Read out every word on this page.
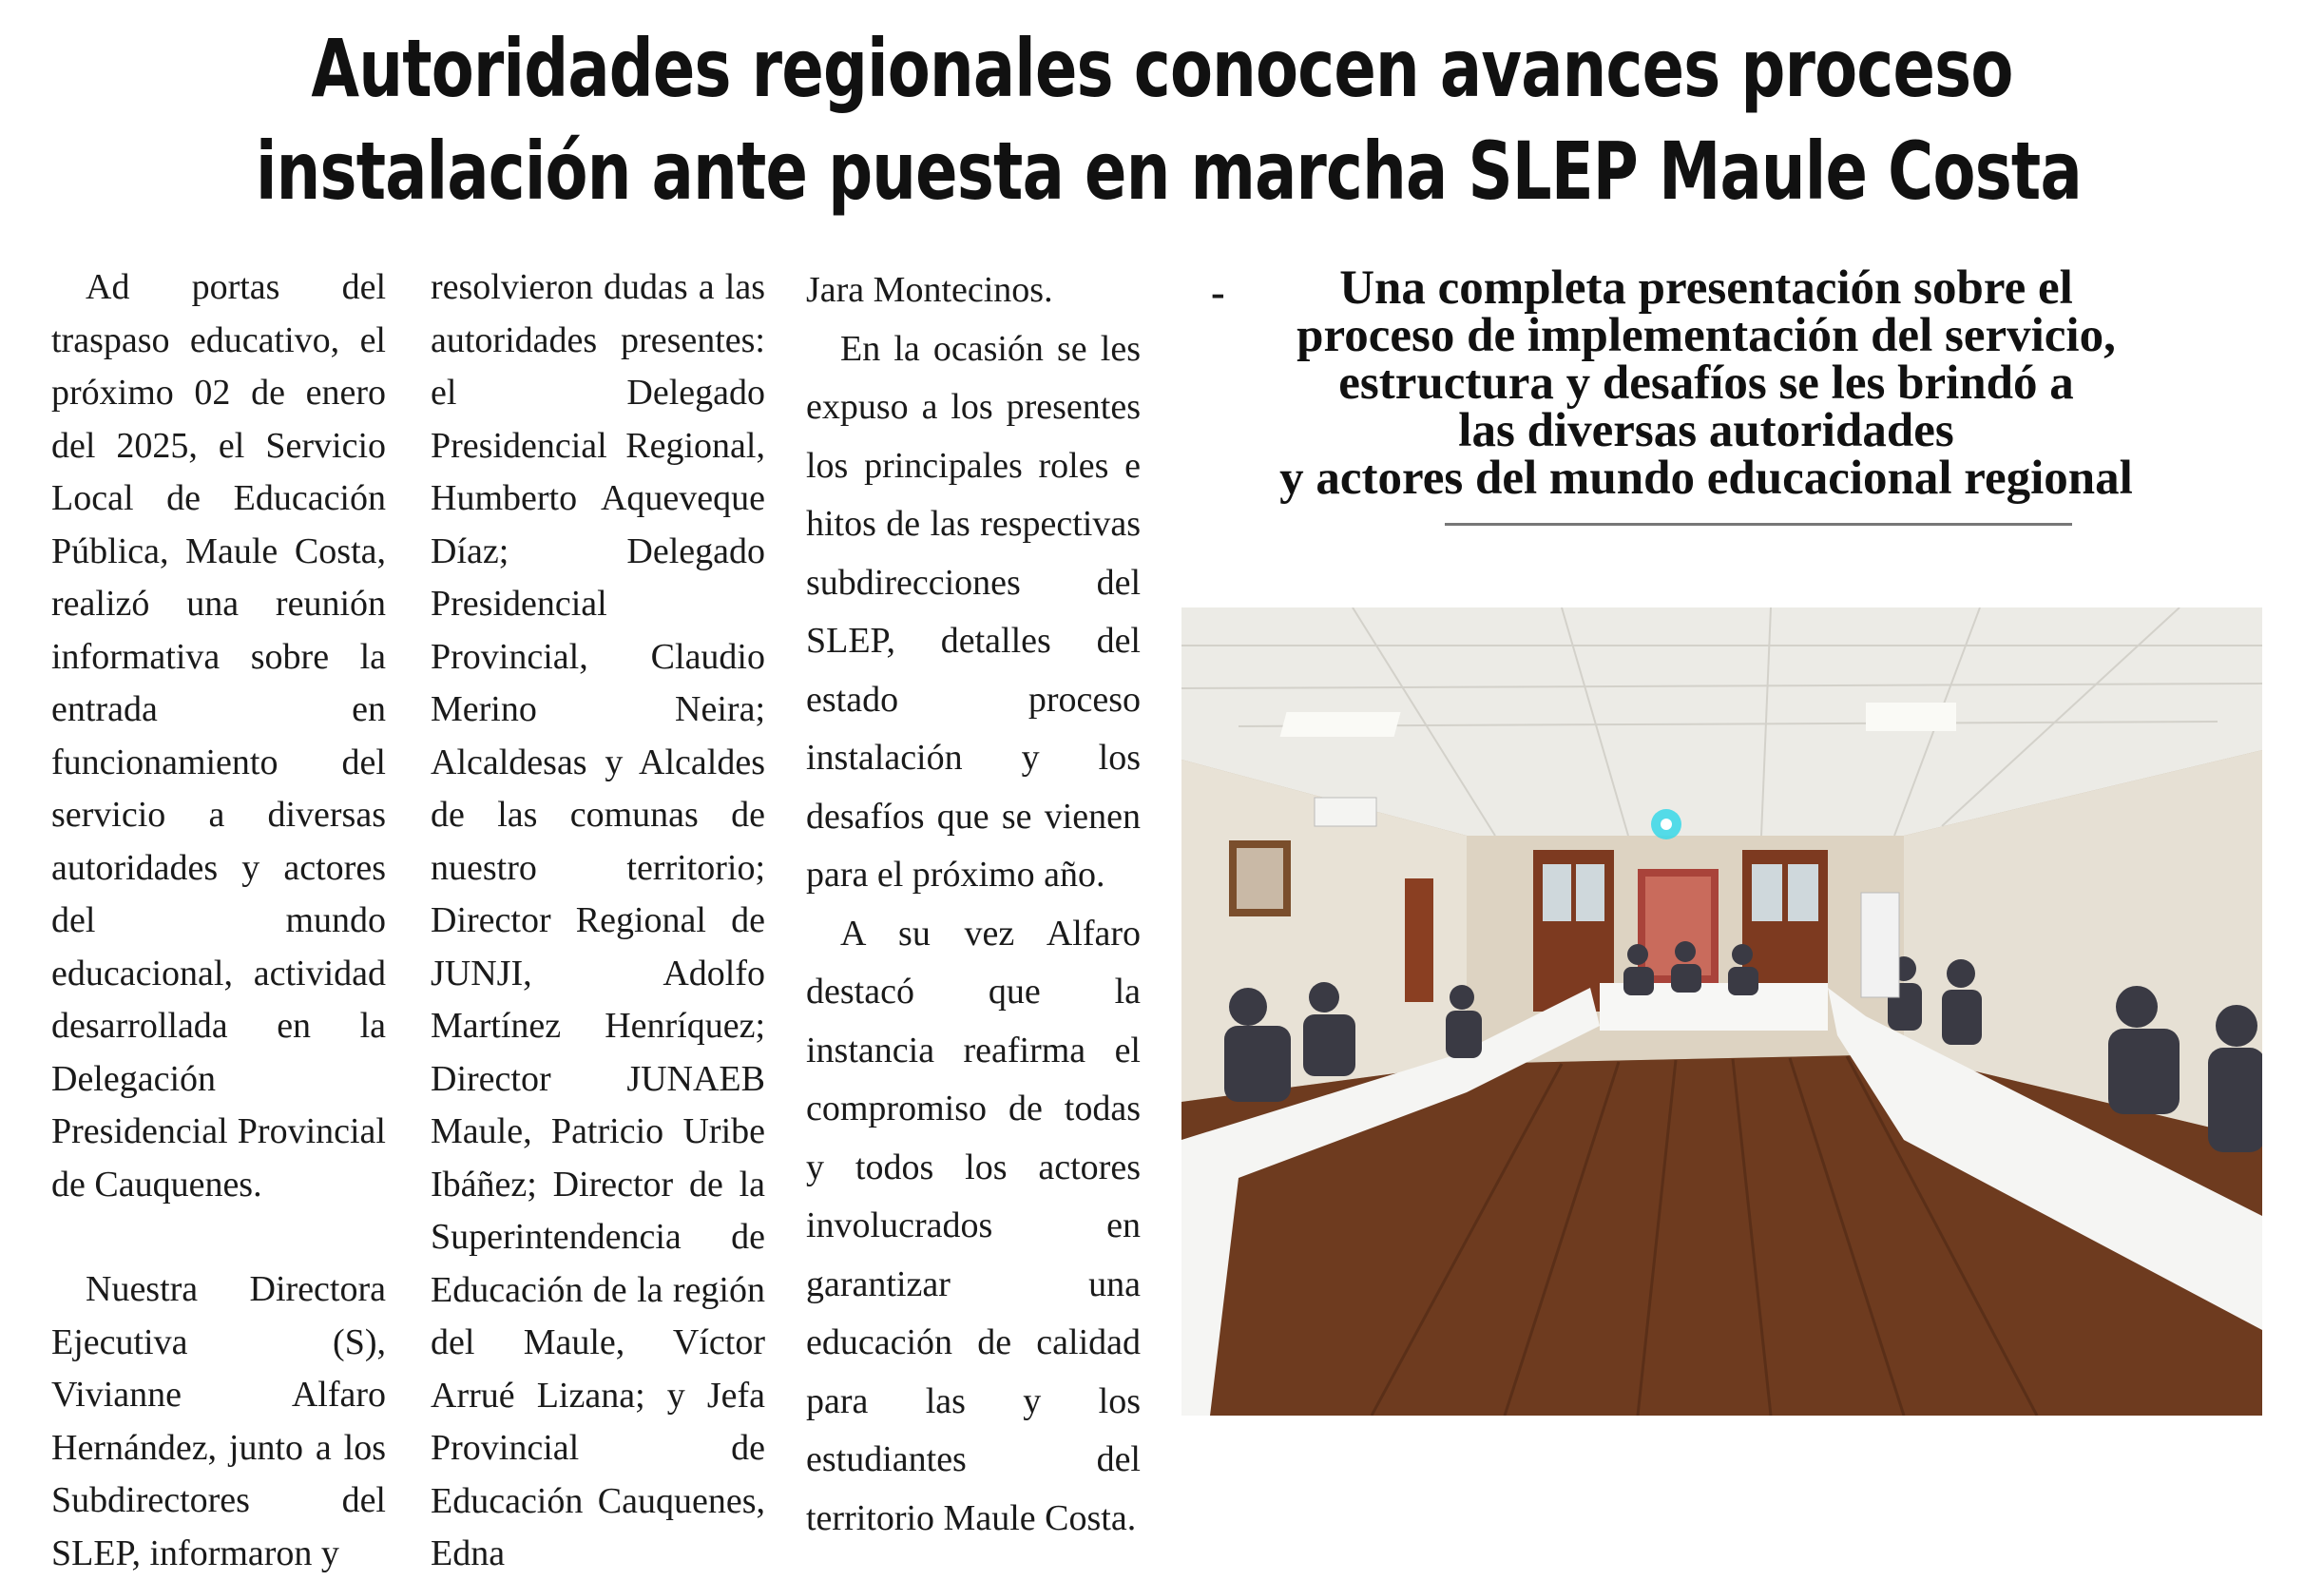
Autoridades regionales conocen avances proceso
instalación ante puesta en marcha SLEP Maule Costa

Ad portas del traspaso educativo, el próximo 02 de enero del 2025, el Servicio Local de Educación Pública, Maule Costa, realizó una reunión informativa sobre la entrada en funcionamiento del servicio a diversas autoridades y actores del mundo educacional, actividad desarrollada en la Delegación Presidencial Provincial de Cauquenes.

Nuestra Directora Ejecutiva (S), Vivianne Alfaro Hernández, junto a los Subdirectores del SLEP, informaron y

resolvieron dudas a las autoridades presentes: el Delegado Presidencial Regional, Humberto Aqueveque Díaz; Delegado Presidencial Provincial, Claudio Merino Neira; Alcaldesas y Alcaldes de las comunas de nuestro territorio; Director Regional de JUNJI, Adolfo Martínez Henríquez; Director JUNAEB Maule, Patricio Uribe Ibáñez; Director de la Superintendencia de Educación de la región del Maule, Víctor Arrué Lizana; y Jefa Provincial de Educación Cauquenes, Edna

Jara Montecinos.

En la ocasión se les expuso a los presentes los principales roles e hitos de las respectivas subdirecciones del SLEP, detalles del estado proceso instalación y los desafíos que se vienen para el próximo año.

A su vez Alfaro destacó que la instancia reafirma el compromiso de todas y todos los actores involucrados en garantizar una educación de calidad para las y los estudiantes del territorio Maule Costa.

-	Una completa presentación sobre el
proceso de implementación del servicio,
estructura y desafíos se les brindó a
las diversas autoridades
y actores del mundo educacional regional
